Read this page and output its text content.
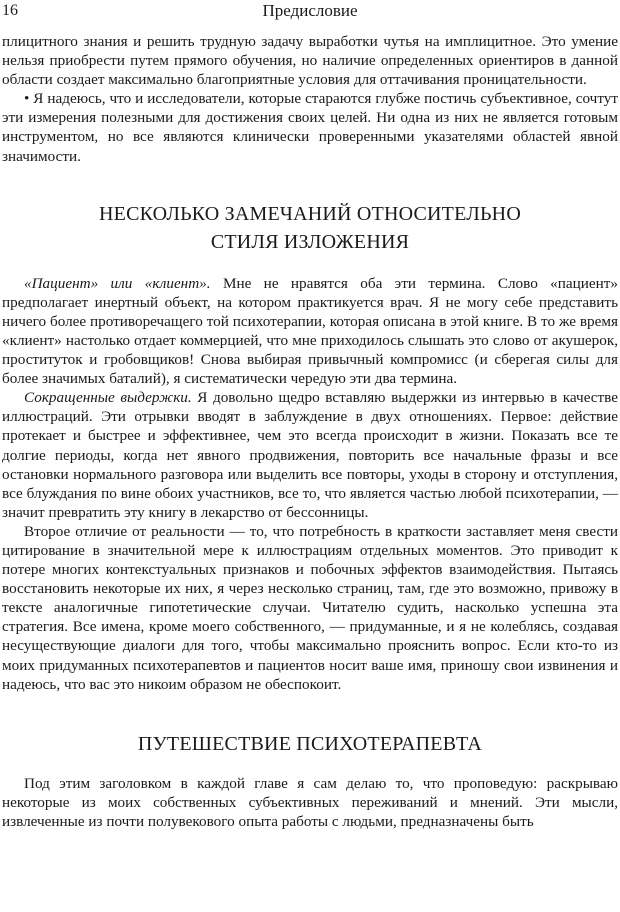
16	Предисловие

плицитного знания и решить трудную задачу выработки чутья на имплицитное. Это умение нельзя приобрести путем прямого обучения, но наличие определенных ориентиров в данной области создает максимально благоприятные условия для оттачивания проницательности.

• Я надеюсь, что и исследователи, которые стараются глубже постичь субъективное, сочтут эти измерения полезными для достижения своих целей. Ни одна из них не является готовым инструментом, но все являются клинически проверенными указателями областей явной значимости.

НЕСКОЛЬКО ЗАМЕЧАНИЙ ОТНОСИТЕЛЬНО
СТИЛЯ ИЗЛОЖЕНИЯ

«Пациент» или «клиент». Мне не нравятся оба эти термина. Слово «пациент» предполагает инертный объект, на котором практикуется врач. Я не могу себе представить ничего более противоречащего той психотерапии, которая описана в этой книге. В то же время «клиент» настолько отдает коммерцией, что мне приходилось слышать это слово от акушерок, проституток и гробовщиков! Снова выбирая привычный компромисс (и сберегая силы для более значимых баталий), я систематически чередую эти два термина.

Сокращенные выдержки. Я довольно щедро вставляю выдержки из интервью в качестве иллюстраций. Эти отрывки вводят в заблуждение в двух отношениях. Первое: действие протекает и быстрее и эффективнее, чем это всегда происходит в жизни. Показать все те долгие периоды, когда нет явного продвижения, повторить все начальные фразы и все остановки нормального разговора или выделить все повторы, уходы в сторону и отступления, все блуждания по вине обоих участников, все то, что является частью любой психотерапии, — значит превратить эту книгу в лекарство от бессонницы.

Второе отличие от реальности — то, что потребность в краткости заставляет меня свести цитирование в значительной мере к иллюстрациям отдельных моментов. Это приводит к потере многих контекстуальных признаков и побочных эффектов взаимодействия. Пытаясь восстановить некоторые их них, я через несколько страниц, там, где это возможно, привожу в тексте аналогичные гипотетические случаи. Читателю судить, насколько успешна эта стратегия. Все имена, кроме моего собственного, — придуманные, и я не колеблясь, создавая несуществующие диалоги для того, чтобы максимально прояснить вопрос. Если кто-то из моих придуманных психотерапевтов и пациентов носит ваше имя, приношу свои извинения и надеюсь, что вас это никоим образом не обеспокоит.

ПУТЕШЕСТВИЕ ПСИХОТЕРАПЕВТА

Под этим заголовком в каждой главе я сам делаю то, что проповедую: раскрываю некоторые из моих собственных субъективных переживаний и мнений. Эти мысли, извлеченные из почти полувекового опыта работы с людьми, предназначены быть
